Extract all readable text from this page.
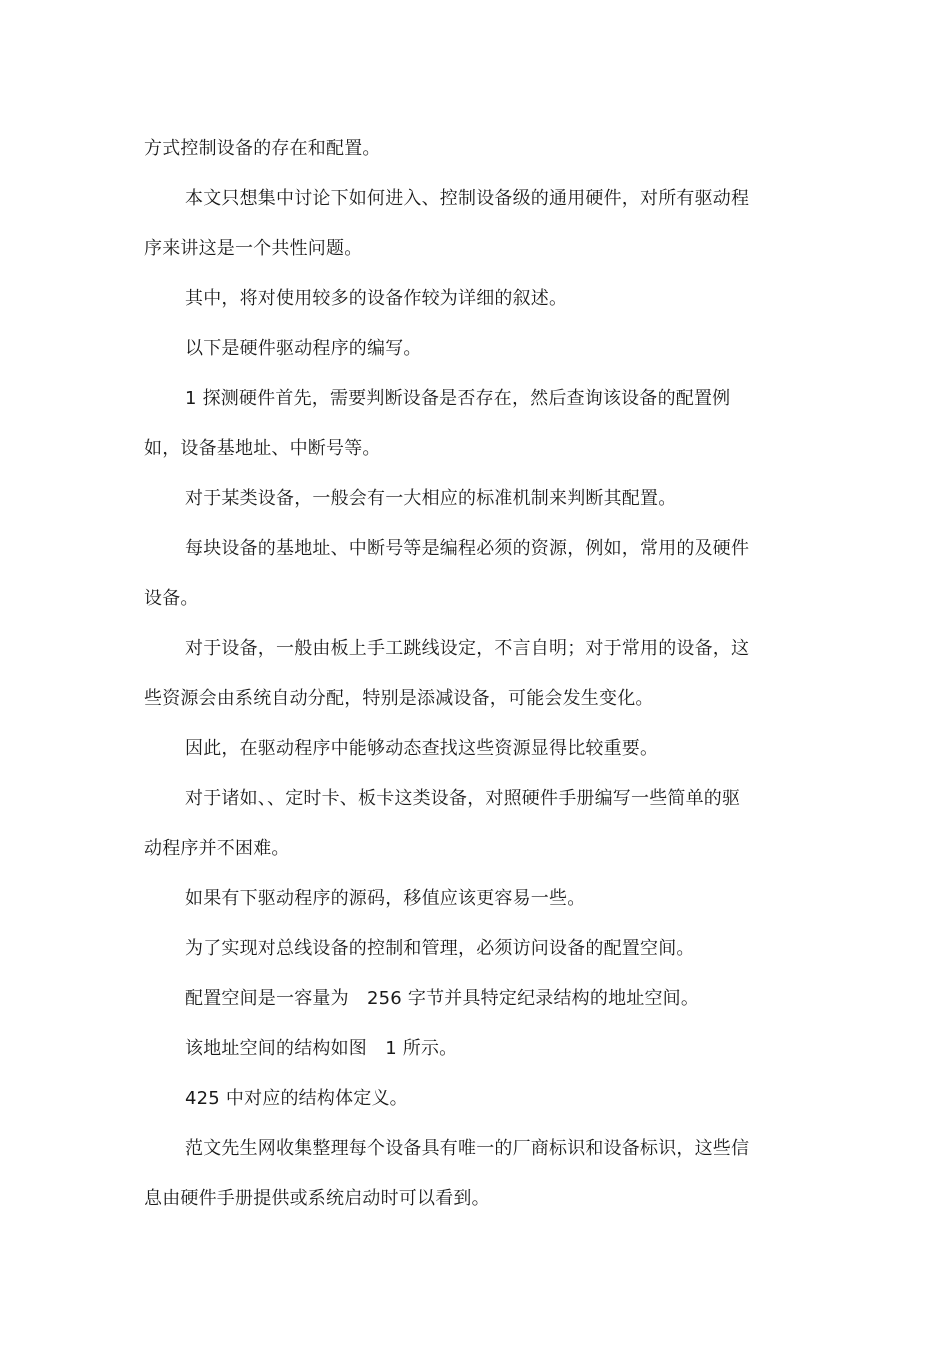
方式控制设备的存在和配置。

本文只想集中讨论下如何进入、控制设备级的通用硬件，对所有驱动程序来讲这是一个共性问题。

其中，将对使用较多的设备作较为详细的叙述。

以下是硬件驱动程序的编写。

1 探测硬件首先，需要判断设备是否存在，然后查询该设备的配置例如，设备基地址、中断号等。

对于某类设备，一般会有一大相应的标准机制来判断其配置。

每块设备的基地址、中断号等是编程必须的资源，例如，常用的及硬件设备。

对于设备，一般由板上手工跳线设定，不言自明；对于常用的设备，这些资源会由系统自动分配，特别是添减设备，可能会发生变化。

因此，在驱动程序中能够动态查找这些资源显得比较重要。

对于诸如、、定时卡、板卡这类设备，对照硬件手册编写一些简单的驱动程序并不困难。

如果有下驱动程序的源码，移值应该更容易一些。

为了实现对总线设备的控制和管理，必须访问设备的配置空间。

配置空间是一容量为　256 字节并具特定纪录结构的地址空间。

该地址空间的结构如图　1 所示。

425 中对应的结构体定义。

范文先生网收集整理每个设备具有唯一的厂商标识和设备标识，这些信息由硬件手册提供或系统启动时可以看到。
